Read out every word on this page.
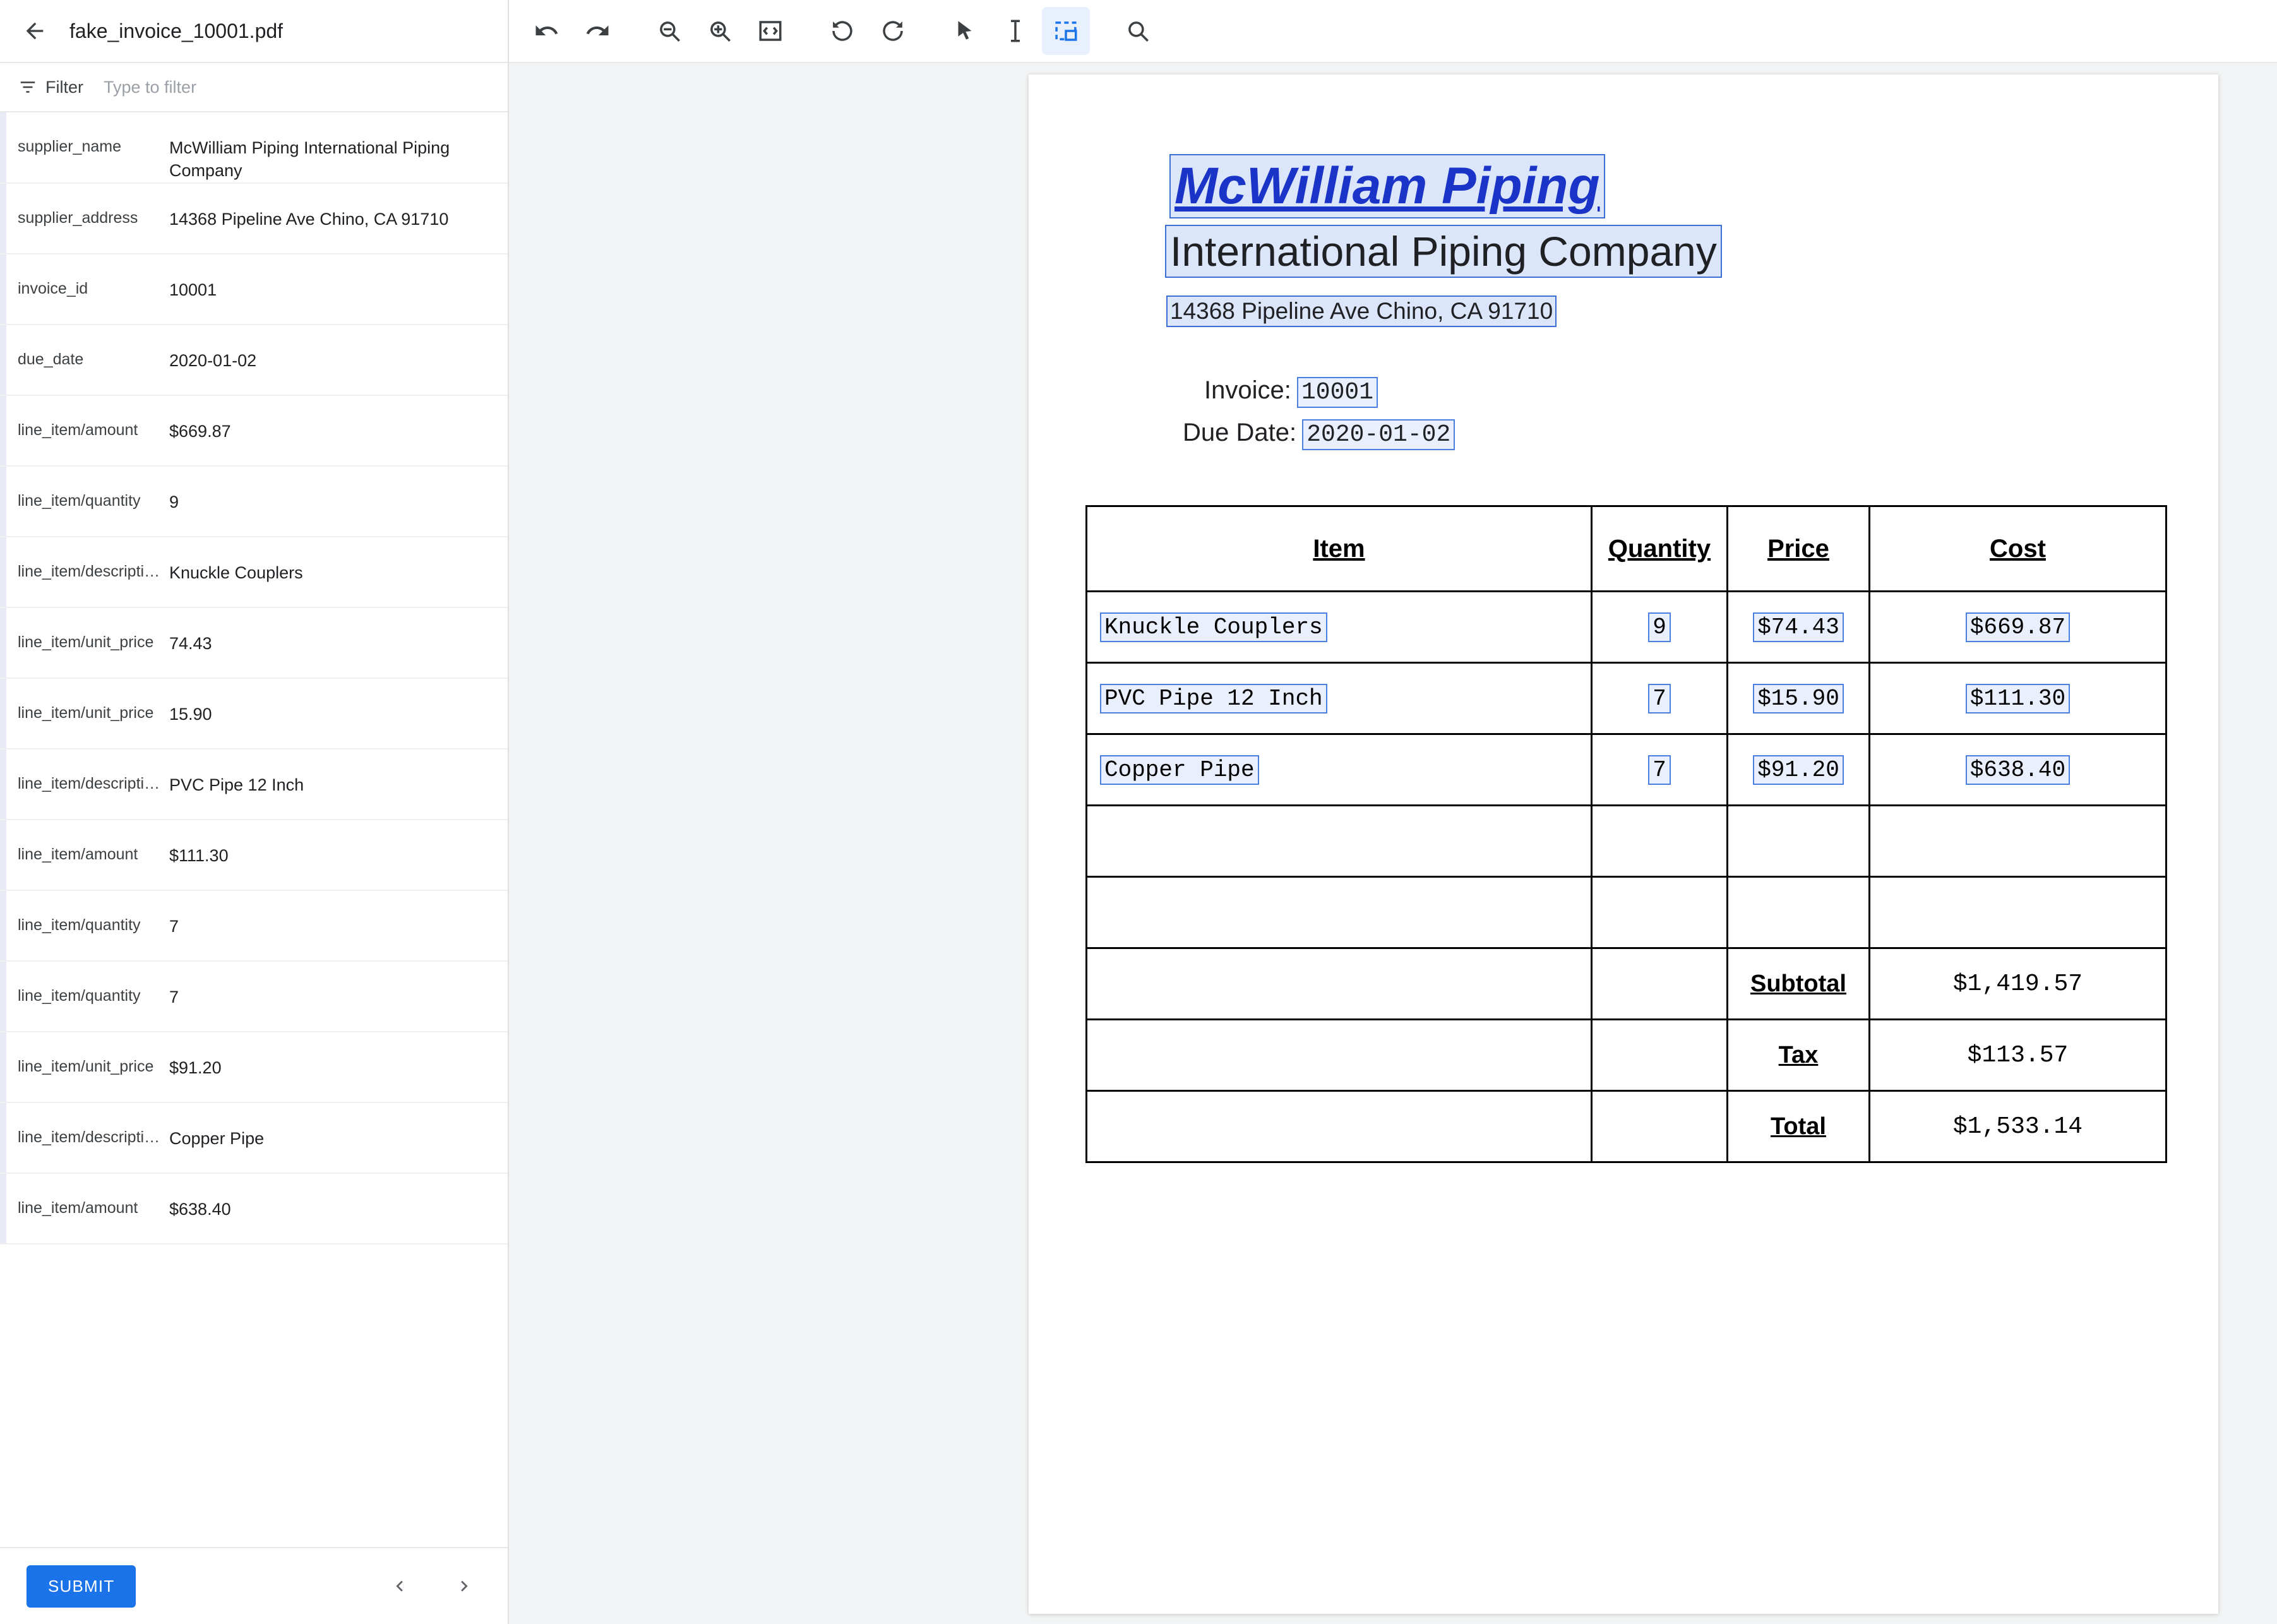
fake_invoice_10001.pdf
Filter
Type to filter
supplier_name	McWilliam Piping International Piping Company
supplier_address	14368 Pipeline Ave Chino, CA 91710
invoice_id	10001
due_date	2020-01-02
line_item/amount	$669.87
line_item/quantity	9
line_item/descripti… Knuckle Couplers
line_item/unit_price 74.43
line_item/unit_price 15.90
line_item/descripti… PVC Pipe 12 Inch
line_item/amount	$111.30
line_item/quantity	7
line_item/quantity	7
line_item/unit_price $91.20
line_item/descripti… Copper Pipe
line_item/amount	$638.40
SUBMIT
McWilliam Piping
International Piping Company
14368 Pipeline Ave Chino, CA 91710
Invoice: 10001
Due Date: 2020-01-02
Item	Quantity	Price	Cost
Knuckle Couplers	9	$74.43	$669.87
PVC Pipe 12 Inch	7	$15.90	$111.30
Copper Pipe	7	$91.20	$638.40

		Subtotal	$1,419.57
		Tax	$113.57
		Total	$1,533.14
